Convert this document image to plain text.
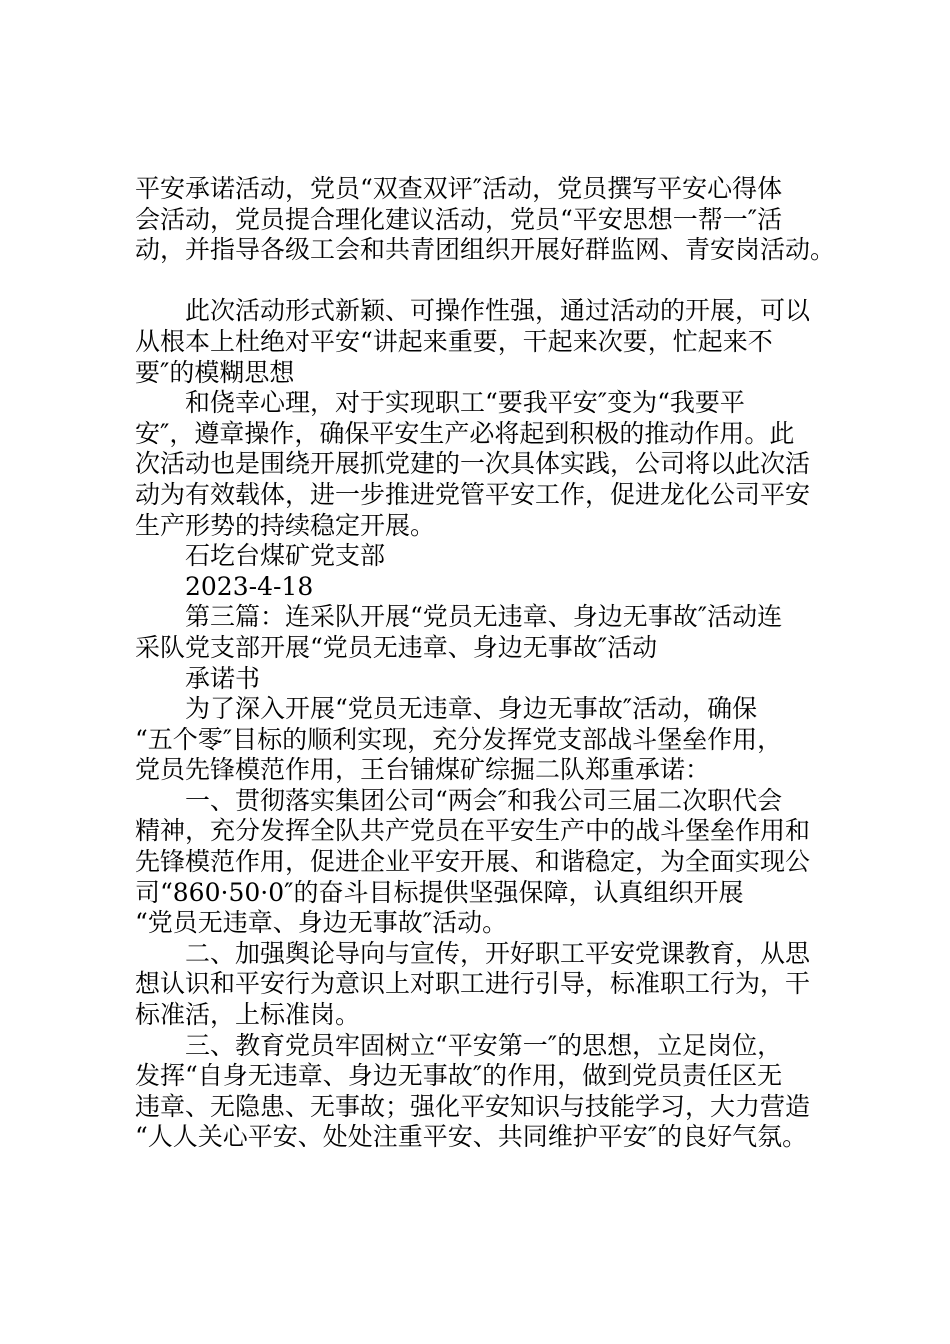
平安承诺活动，党员“双查双评″活动，党员撰写平安心得体
会活动，党员提合理化建议活动，党员“平安思想一帮一″活
动，并指导各级工会和共青团组织开展好群监网、青安岗活动。
　　此次活动形式新颖、可操作性强，通过活动的开展，可以
从根本上杜绝对平安“讲起来重要，干起来次要，忙起来不
要″的模糊思想
　　和侥幸心理，对于实现职工“要我平安″变为“我要平
安″，遵章操作，确保平安生产必将起到积极的推动作用。此
次活动也是围绕开展抓党建的一次具体实践，公司将以此次活
动为有效载体，进一步推进党管平安工作，促进龙化公司平安
生产形势的持续稳定开展。
　　石圪台煤矿党支部
　　2023-4-18
　　第三篇：连采队开展“党员无违章、身边无事故″活动连
采队党支部开展“党员无违章、身边无事故″活动
　　承诺书
　　为了深入开展“党员无违章、身边无事故″活动，确保
“五个零″目标的顺利实现，充分发挥党支部战斗堡垒作用，
党员先锋模范作用，王台铺煤矿综掘二队郑重承诺：
　　一、贯彻落实集团公司“两会″和我公司三届二次职代会
精神，充分发挥全队共产党员在平安生产中的战斗堡垒作用和
先锋模范作用，促进企业平安开展、和谐稳定，为全面实现公
司“860·50·0″的奋斗目标提供坚强保障，认真组织开展
“党员无违章、身边无事故″活动。
　　二、加强舆论导向与宣传，开好职工平安党课教育，从思
想认识和平安行为意识上对职工进行引导，标准职工行为，干
标准活，上标准岗。
　　三、教育党员牢固树立“平安第一″的思想，立足岗位，
发挥“自身无违章、身边无事故″的作用，做到党员责任区无
违章、无隐患、无事故；强化平安知识与技能学习，大力营造
“人人关心平安、处处注重平安、共同维护平安″的良好气氛。
